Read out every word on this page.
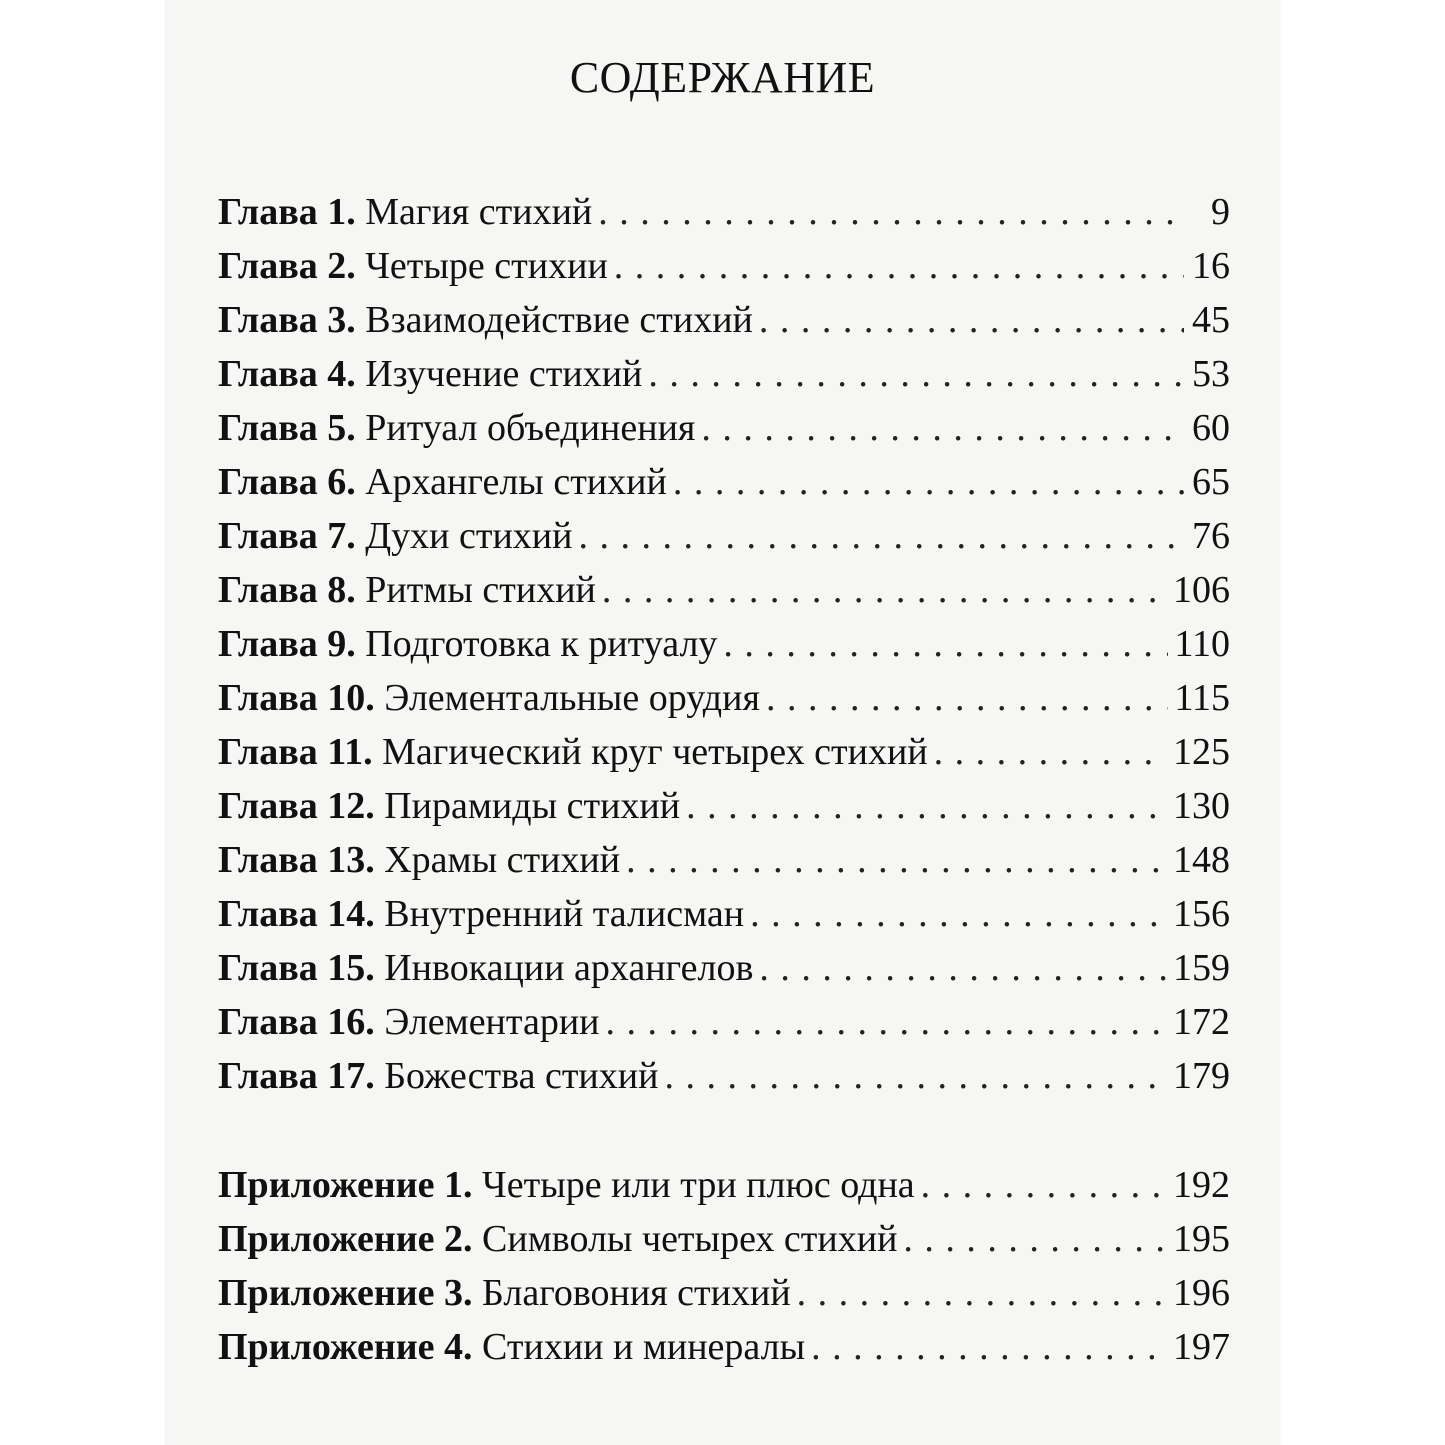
СОДЕРЖАНИЕ
Глава 1. Магия стихий . . .	9
Глава 2. Четыре стихии . . .	16
Глава 3. Взаимодействие стихий . . .	45
Глава 4. Изучение стихий . . .	53
Глава 5. Ритуал объединения . . .	60
Глава 6. Архангелы стихий . . .	65
Глава 7. Духи стихий . . .	76
Глава 8. Ритмы стихий . . .	106
Глава 9. Подготовка к ритуалу . . .	110
Глава 10. Элементальные орудия . . .	115
Глава 11. Магический круг четырех стихий . . .	125
Глава 12. Пирамиды стихий . . .	130
Глава 13. Храмы стихий . . .	148
Глава 14. Внутренний талисман . . .	156
Глава 15. Инвокации архангелов . . .	159
Глава 16. Элементарии . . .	172
Глава 17. Божества стихий . . .	179
Приложение 1. Четыре или три плюс одна . . .	192
Приложение 2. Символы четырех стихий . . .	195
Приложение 3. Благовония стихий . . .	196
Приложение 4. Стихии и минералы . . .	197
